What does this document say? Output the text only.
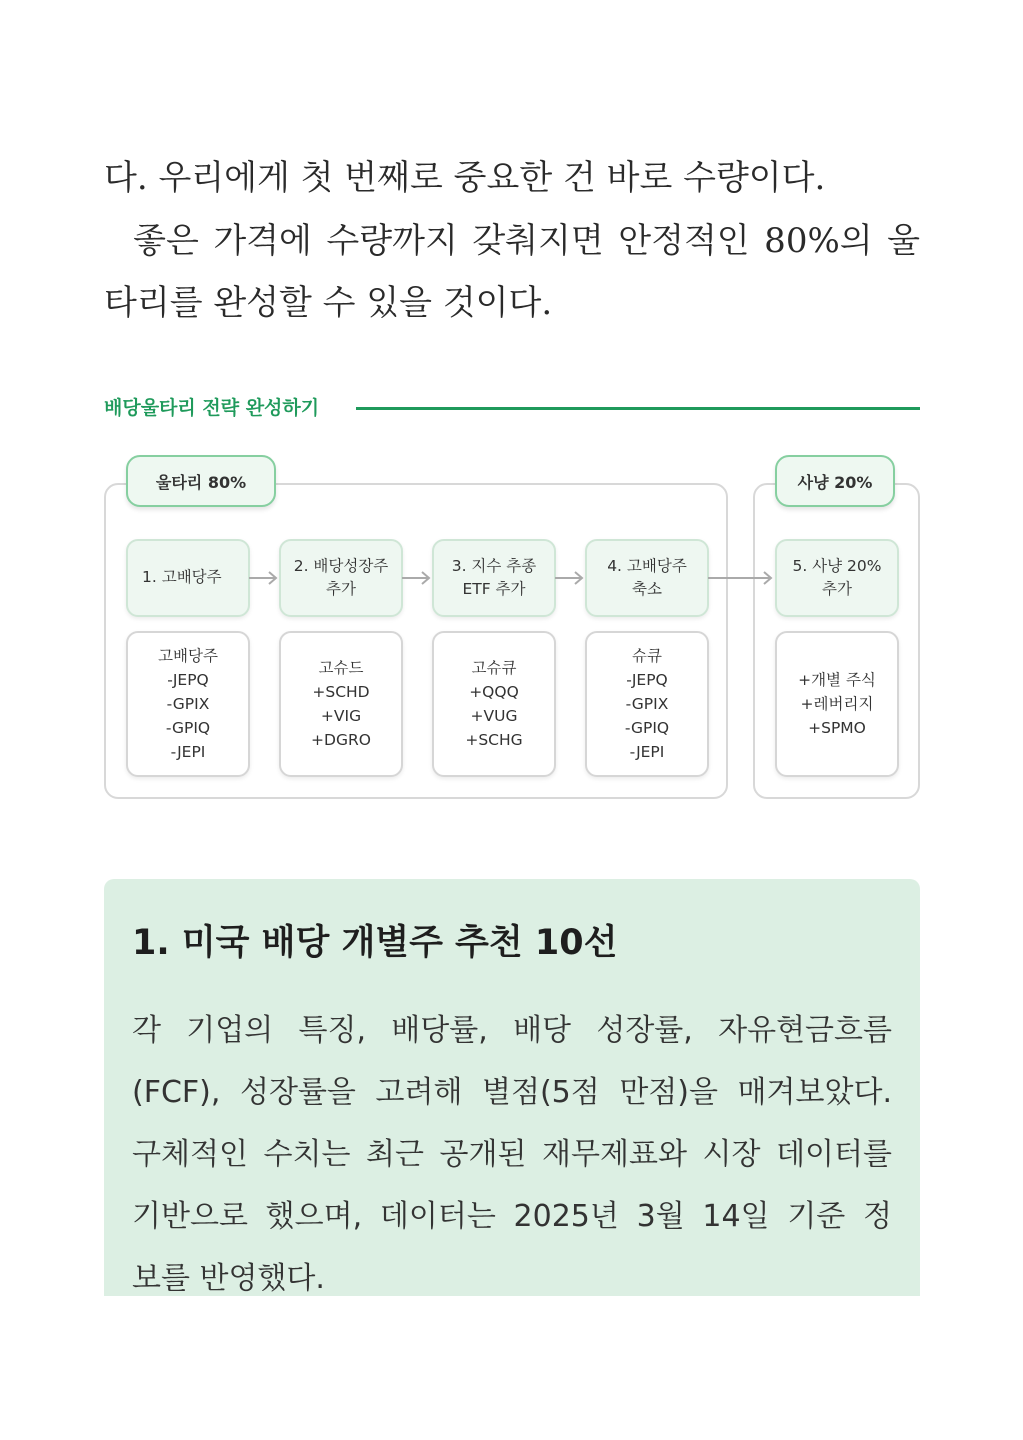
다. 우리에게 첫 번째로 중요한 건 바로 수량이다.
좋은 가격에 수량까지 갖춰지면 안정적인 80%의 울
타리를 완성할 수 있을 것이다.
배당울타리 전략 완성하기
울타리 80%	사냥 20%
1. 고배당주
2. 배당성장주
추가
3. 지수 추종
ETF 추가
4. 고배당주
축소
5. 사냥 20%
추가
고배당주
-JEPQ
-GPIX
-GPIQ
-JEPI
고슈드
+SCHD
+VIG
+DGRO
고슈큐
+QQQ
+VUG
+SCHG
슈큐
-JEPQ
-GPIX
-GPIQ
-JEPI
+개별 주식
+레버리지
+SPMO
1. 미국 배당 개별주 추천 10선
각 기업의 특징, 배당률, 배당 성장률, 자유현금흐름
(FCF), 성장률을 고려해 별점(5점 만점)을 매겨보았다.
구체적인 수치는 최근 공개된 재무제표와 시장 데이터를
기반으로 했으며, 데이터는 2025년 3월 14일 기준 정
보를 반영했다.
